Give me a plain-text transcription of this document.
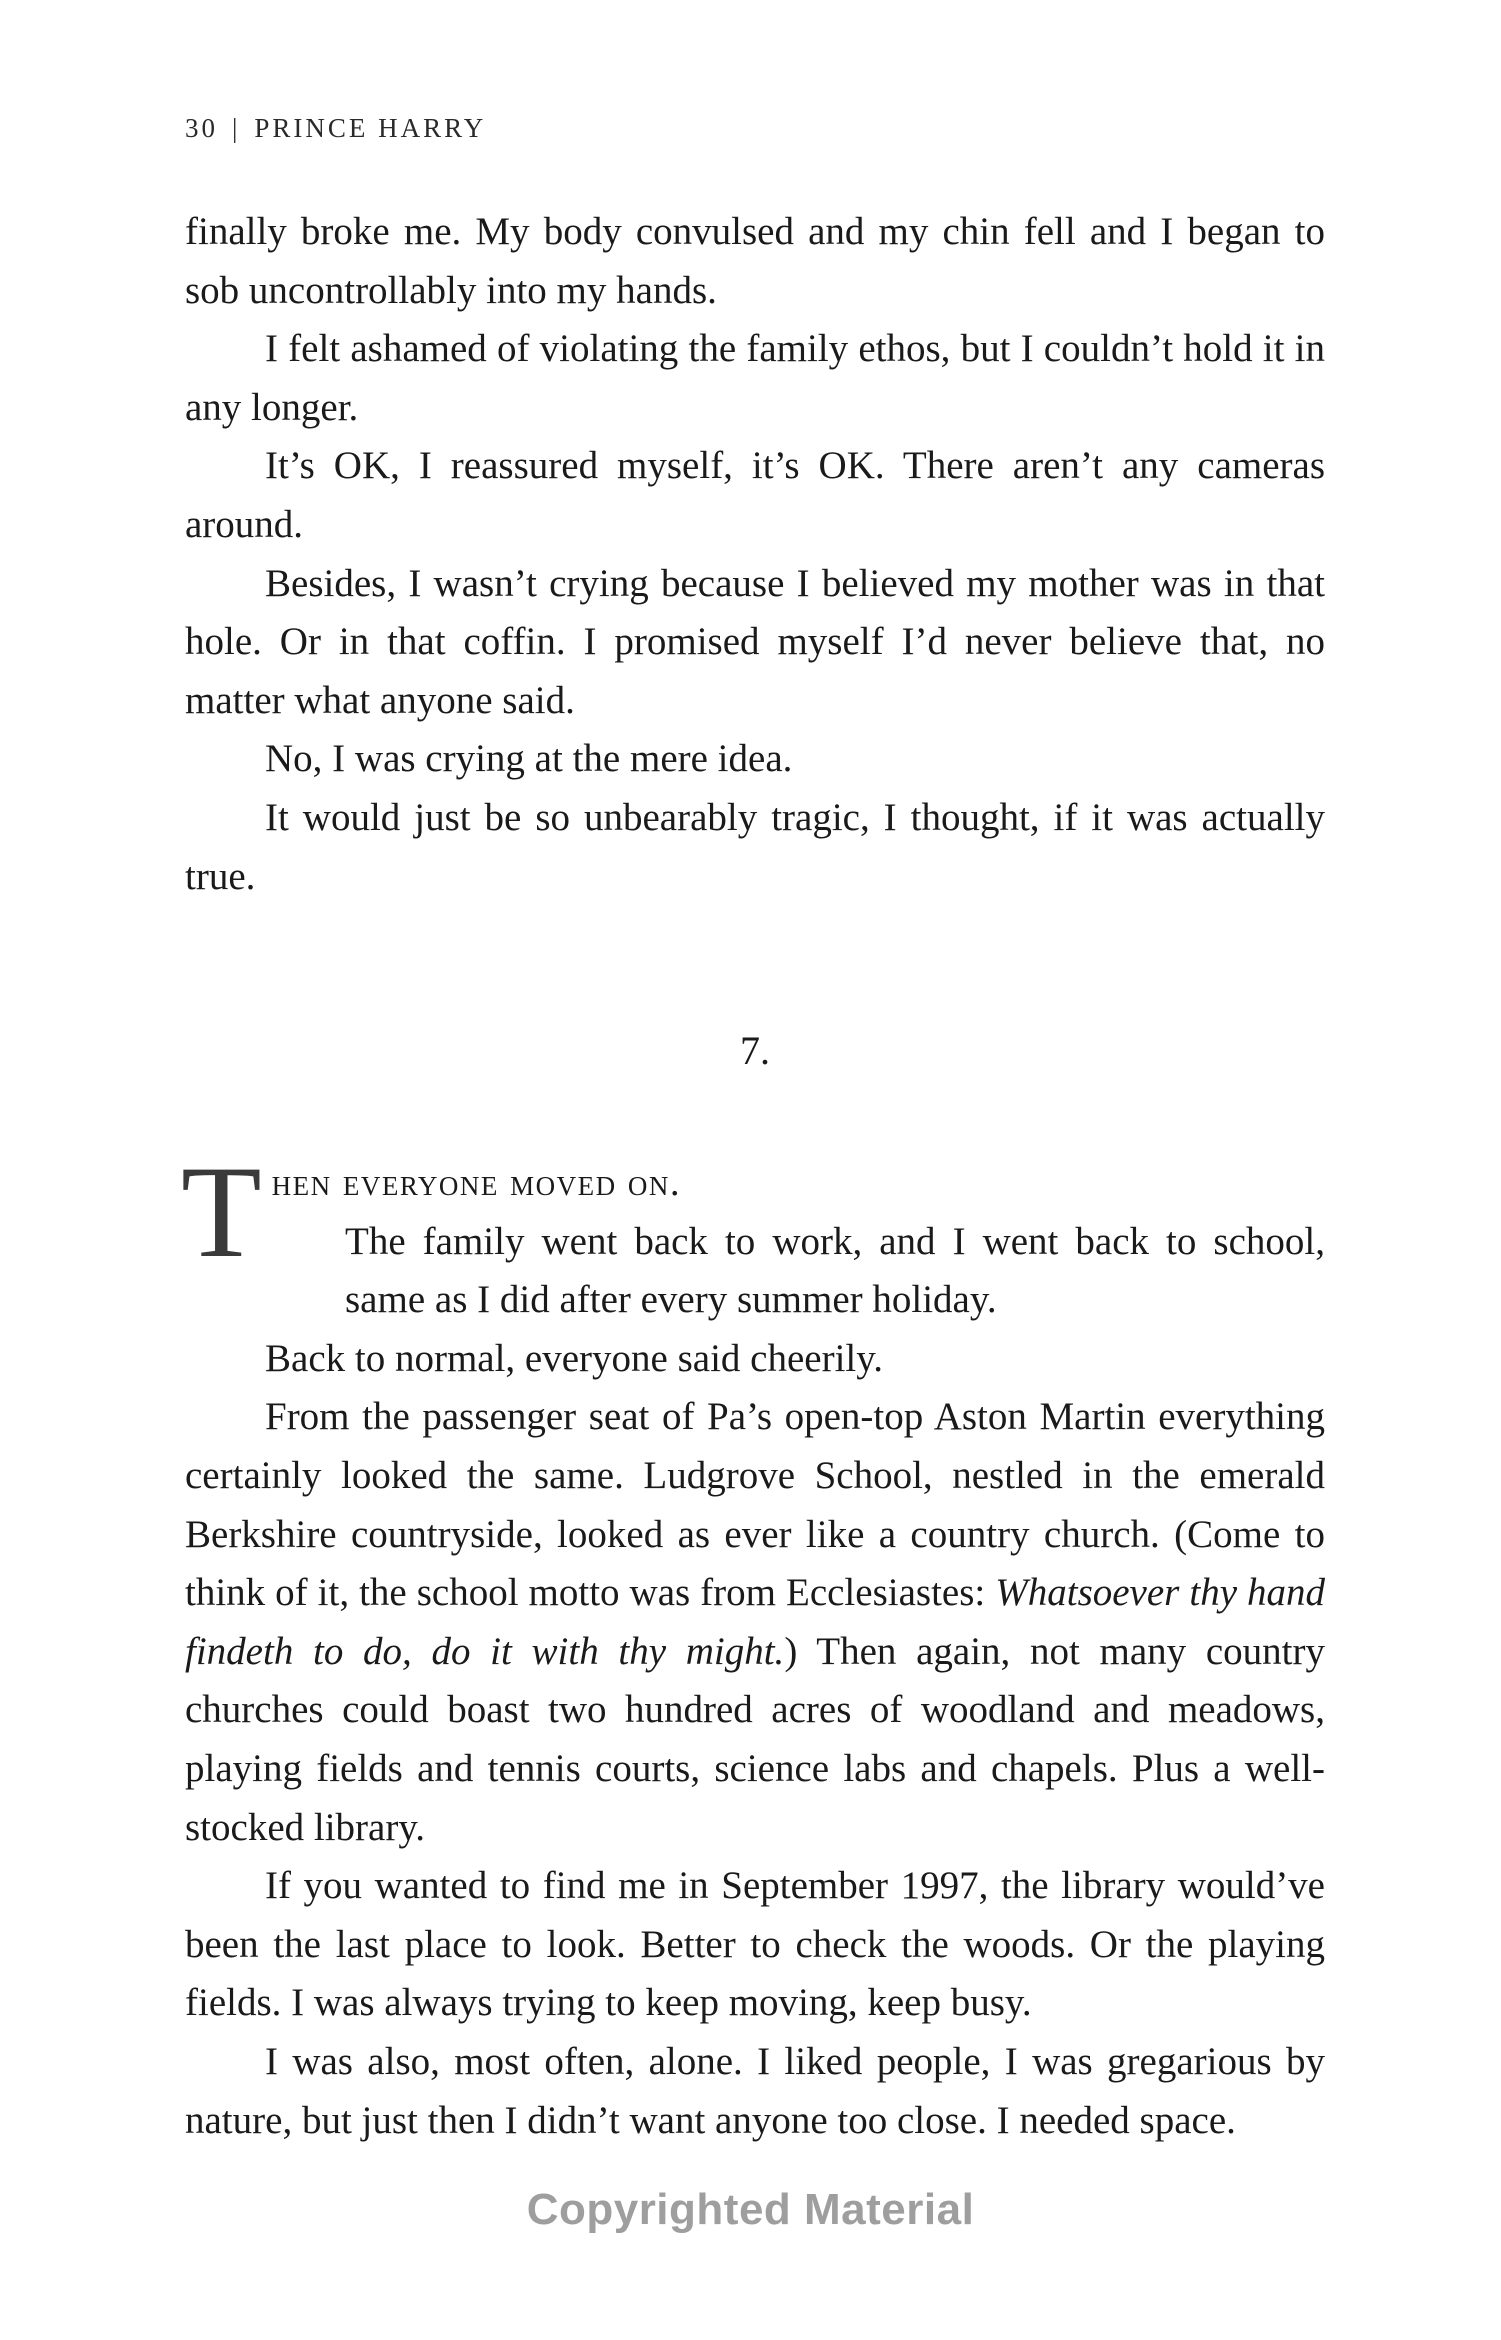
30 | PRINCE HARRY

finally broke me. My body convulsed and my chin fell and I began to sob uncontrollably into my hands.

I felt ashamed of violating the family ethos, but I couldn’t hold it in any longer.

It’s OK, I reassured myself, it’s OK. There aren’t any cameras around.

Besides, I wasn’t crying because I believed my mother was in that hole. Or in that coffin. I promised myself I’d never believe that, no matter what anyone said.

No, I was crying at the mere idea.

It would just be so unbearably tragic, I thought, if it was actually true.

7.
T hen everyone moved on.

The family went back to work, and I went back to school, same as I did after every summer holiday.

Back to normal, everyone said cheerily.

From the passenger seat of Pa’s open-top Aston Martin everything certainly looked the same. Ludgrove School, nestled in the emerald Berkshire countryside, looked as ever like a country church. (Come to think of it, the school motto was from Ecclesiastes: Whatsoever thy hand findeth to do, do it with thy might.) Then again, not many country churches could boast two hundred acres of woodland and meadows, playing fields and tennis courts, science labs and chapels. Plus a well-stocked library.

If you wanted to find me in September 1997, the library would’ve been the last place to look. Better to check the woods. Or the playing fields. I was always trying to keep moving, keep busy.

I was also, most often, alone. I liked people, I was gregarious by nature, but just then I didn’t want anyone too close. I needed space.

Copyrighted Material
